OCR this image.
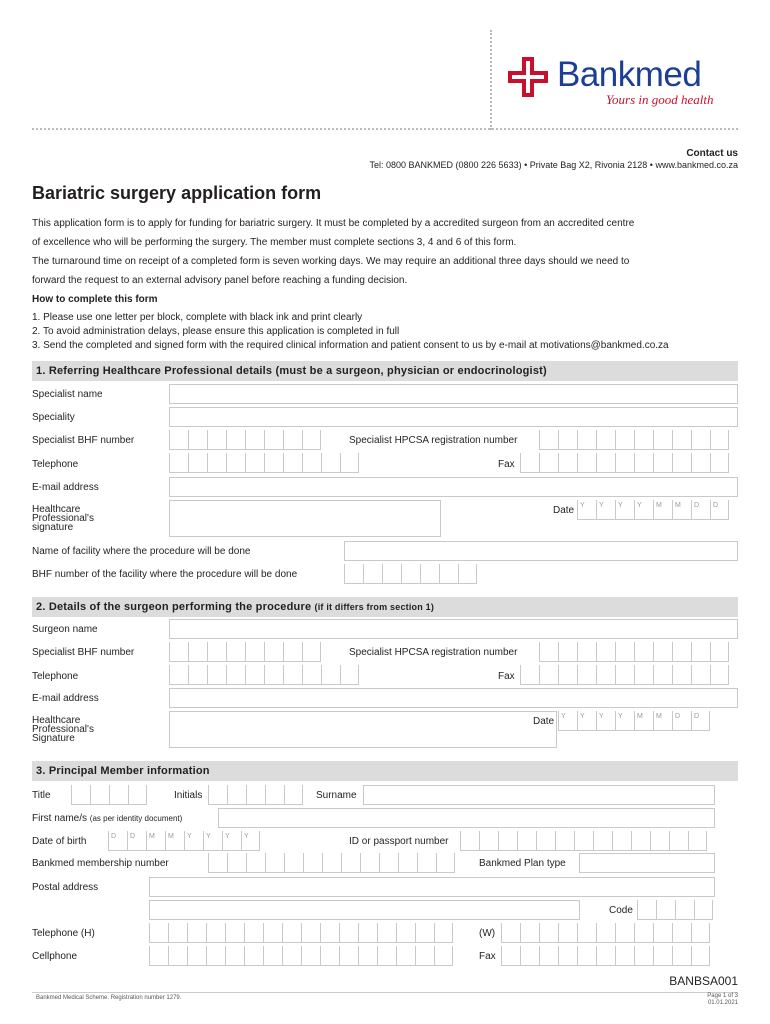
Bankmed
Yours in good health
Contact us
Tel: 0800 BANKMED (0800 226 5633) • Private Bag X2, Rivonia 2128 • www.bankmed.co.za
Bariatric surgery application form
This application form is to apply for funding for bariatric surgery. It must be completed by a accredited surgeon from an accredited centre
of excellence who will be performing the surgery. The member must complete sections 3, 4 and 6 of this form.
The turnaround time on receipt of a completed form is seven working days. We may require an additional three days should we need to
forward the request to an external advisory panel before reaching a funding decision.
How to complete this form
1. Please use one letter per block, complete with black ink and print clearly
2. To avoid administration delays, please ensure this application is completed in full
3. Send the completed and signed form with the required clinical information and patient consent to us by e-mail at motivations@bankmed.co.za
1. Referring Healthcare Professional details (must be a surgeon, physician or endocrinologist)
Specialist name
Speciality
Specialist BHF number	Specialist HPCSA registration number
Telephone	Fax
E-mail address
Healthcare
Professional's
signature
Date Y	Y	Y	Y	M	M	D	D
Name of facility where the procedure will be done
BHF number of the facility where the procedure will be done
2. Details of the surgeon performing the procedure (if it differs from section 1)
Surgeon name
Specialist BHF number	Specialist HPCSA registration number
Telephone	Fax
E-mail address
Healthcare
Professional's
Signature
Date Y	Y	Y	Y	M	M	D	D
3. Principal Member information
Title	Initials	Surname
First name/s (as per identity document)
Date of birth	D	D	M	M	Y	Y	Y	Y	ID or passport number
Bankmed membership number	Bankmed Plan type
Postal address
Code
Telephone (H)	(W)
Cellphone	Fax
BANBSA001
Bankmed Medical Scheme. Registration number 1279.	Page 1 of 3
01.01.2021
